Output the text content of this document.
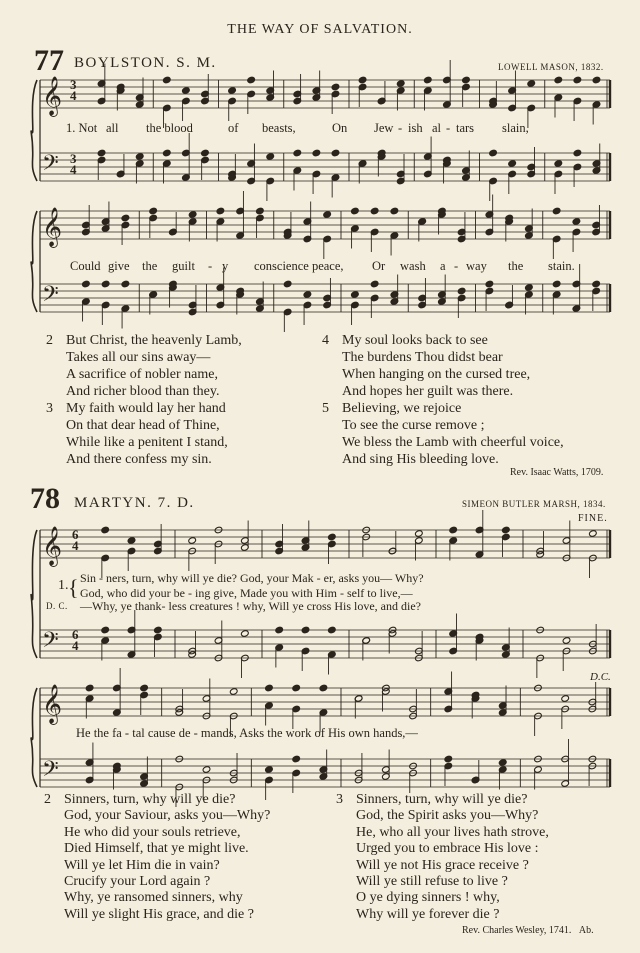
THE WAY OF SALVATION.
77 BOYLSTON. S. M.	LOWELL MASON, 1832.
𝄞
𝄢
𝄞
𝄢
𝄞
𝄢
𝄞
𝄢
3
4
3
4
1. Not all the blood	of beasts,	On Jew - ish al - tars slain,
Could give the guilt - y conscience peace, Or wash a - way the stain.
2 But Christ, the heavenly Lamb,
Takes all our sins away—
A sacrifice of nobler name,
And richer blood than they.
3 My faith would lay her hand
On that dear head of Thine,
While like a penitent I stand,
And there confess my sin.
4 My soul looks back to see
The burdens Thou didst bear
When hanging on the cursed tree,
And hopes her guilt was there.
5 Believing, we rejoice
To see the curse remove ;
We bless the Lamb with cheerful voice,
And sing His bleeding love.
Rev. Isaac Watts, 1709.
78 MARTYN. 7. D.	SIMEON BUTLER MARSH, 1834.
FINE.
6
4
6
4
1. { Sin - ners, turn, why will ye die? God, your Mak - er, asks you— Why?
God, who did your be - ing give, Made you with Him - self to live,—
D. C. —Why, ye thank- less creatures ! why, Will ye cross His love, and die?
D.C.
He the fa - tal cause de - mands, Asks the work of His own hands,—
2 Sinners, turn, why will ye die?
God, your Saviour, asks you—Why?
He who did your souls retrieve,
Died Himself, that ye might live.
Will ye let Him die in vain?
Crucify your Lord again ?
Why, ye ransomed sinners, why
Will ye slight His grace, and die ?
3 Sinners, turn, why will ye die?
God, the Spirit asks you—Why?
He, who all your lives hath strove,
Urged you to embrace His love :
Will ye not His grace receive ?
Will ye still refuse to live ?
O ye dying sinners ! why,
Why will ye forever die ?
Rev. Charles Wesley, 1741. Ab.
